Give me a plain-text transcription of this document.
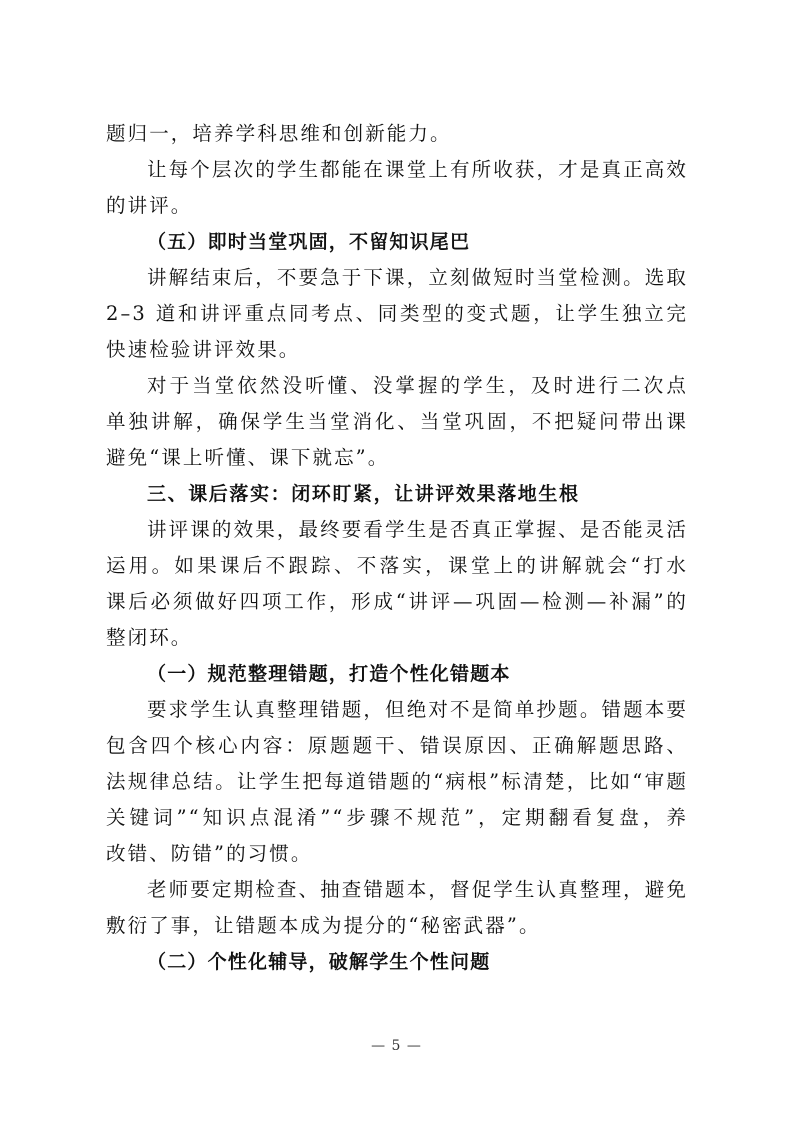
题归一，培养学科思维和创新能力。
让每个层次的学生都能在课堂上有所收获，才是真正高效
的讲评。
（五）即时当堂巩固，不留知识尾巴
讲解结束后，不要急于下课，立刻做短时当堂检测。选取
2–3 道和讲评重点同考点、同类型的变式题，让学生独立完
快速检验讲评效果。
对于当堂依然没听懂、没掌握的学生，及时进行二次点
单独讲解，确保学生当堂消化、当堂巩固，不把疑问带出课
避免“课上听懂、课下就忘”。
三、课后落实：闭环盯紧，让讲评效果落地生根
讲评课的效果，最终要看学生是否真正掌握、是否能灵活
运用。如果课后不跟踪、不落实，课堂上的讲解就会“打水
课后必须做好四项工作，形成“讲评—巩固—检测—补漏”的
整闭环。
（一）规范整理错题，打造个性化错题本
要求学生认真整理错题，但绝对不是简单抄题。错题本要
包含四个核心内容：原题题干、错误原因、正确解题思路、
法规律总结。让学生把每道错题的“病根”标清楚，比如“审题
关键词”“知识点混淆”“步骤不规范”，定期翻看复盘，养
改错、防错”的习惯。
老师要定期检查、抽查错题本，督促学生认真整理，避免
敷衍了事，让错题本成为提分的“秘密武器”。
（二）个性化辅导，破解学生个性问题
— 5 —
